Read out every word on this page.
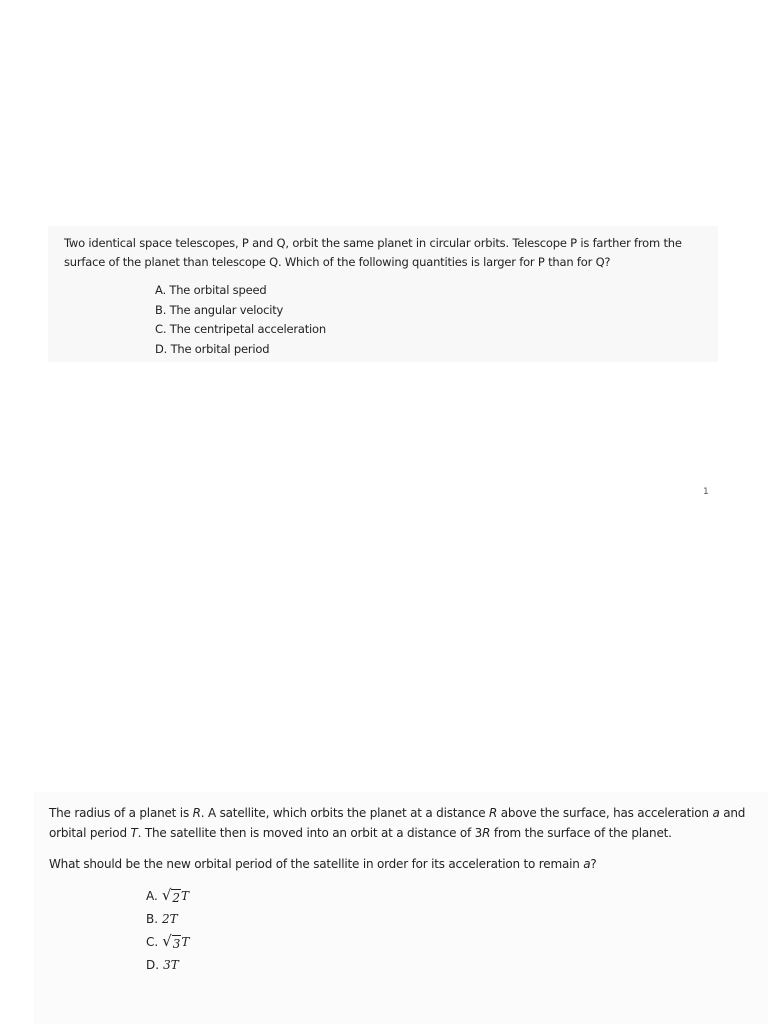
Two identical space telescopes, P and Q, orbit the same planet in circular orbits. Telescope P is farther from the surface of the planet than telescope Q. Which of the following quantities is larger for P than for Q?
A. The orbital speed
B. The angular velocity
C. The centripetal acceleration
D. The orbital period
1
The radius of a planet is R. A satellite, which orbits the planet at a distance R above the surface, has acceleration a and orbital period T. The satellite then is moved into an orbit at a distance of 3R from the surface of the planet.
What should be the new orbital period of the satellite in order for its acceleration to remain a?
A. √ 2 T
B. 2T
C. √ 3 T
D. 3T
